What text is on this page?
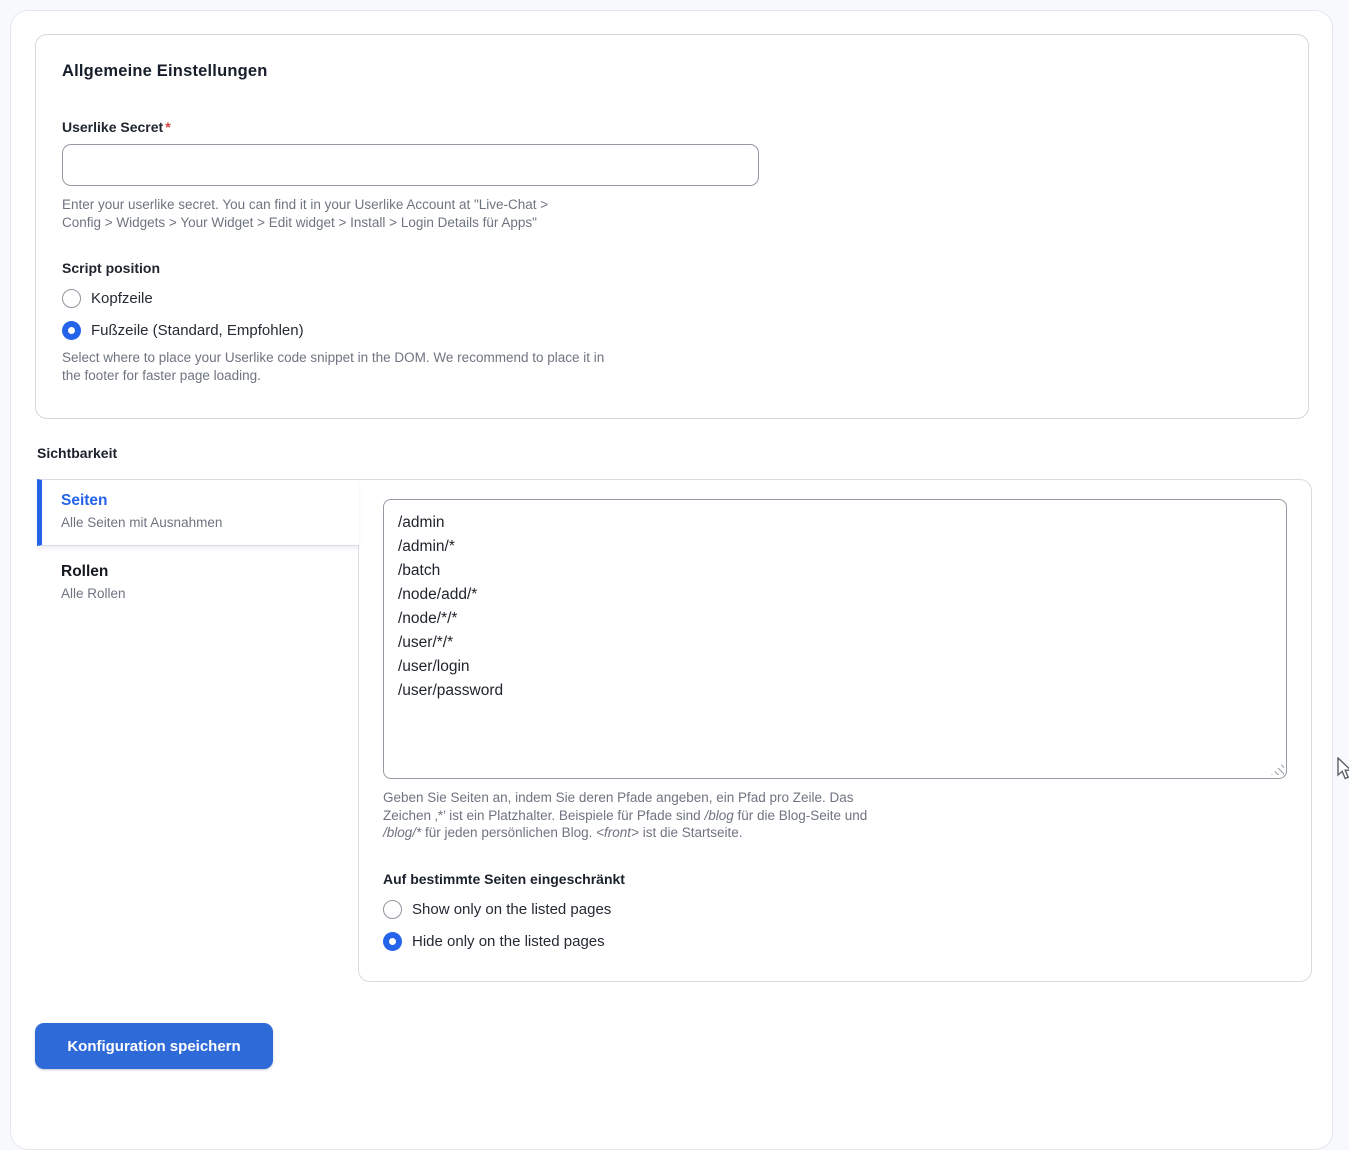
Allgemeine Einstellungen
Userlike Secret *
Enter your userlike secret. You can find it in your Userlike Account at "Live-Chat > Config > Widgets > Your Widget > Edit widget > Install > Login Details für Apps"
Script position
Kopfzeile
Fußzeile (Standard, Empfohlen)
Select where to place your Userlike code snippet in the DOM. We recommend to place it in the footer for faster page loading.
Sichtbarkeit
Seiten
Alle Seiten mit Ausnahmen
Rollen
Alle Rollen
/admin /admin/* /batch /node/add/* /node/*/* /user/*/* /user/login /user/password
Geben Sie Seiten an, indem Sie deren Pfade angeben, ein Pfad pro Zeile. Das Zeichen ‚*’ ist ein Platzhalter. Beispiele für Pfade sind /blog für die Blog-Seite und /blog/* für jeden persönlichen Blog. <front> ist die Startseite.
Auf bestimmte Seiten eingeschränkt
Show only on the listed pages
Hide only on the listed pages
Konfiguration speichern
